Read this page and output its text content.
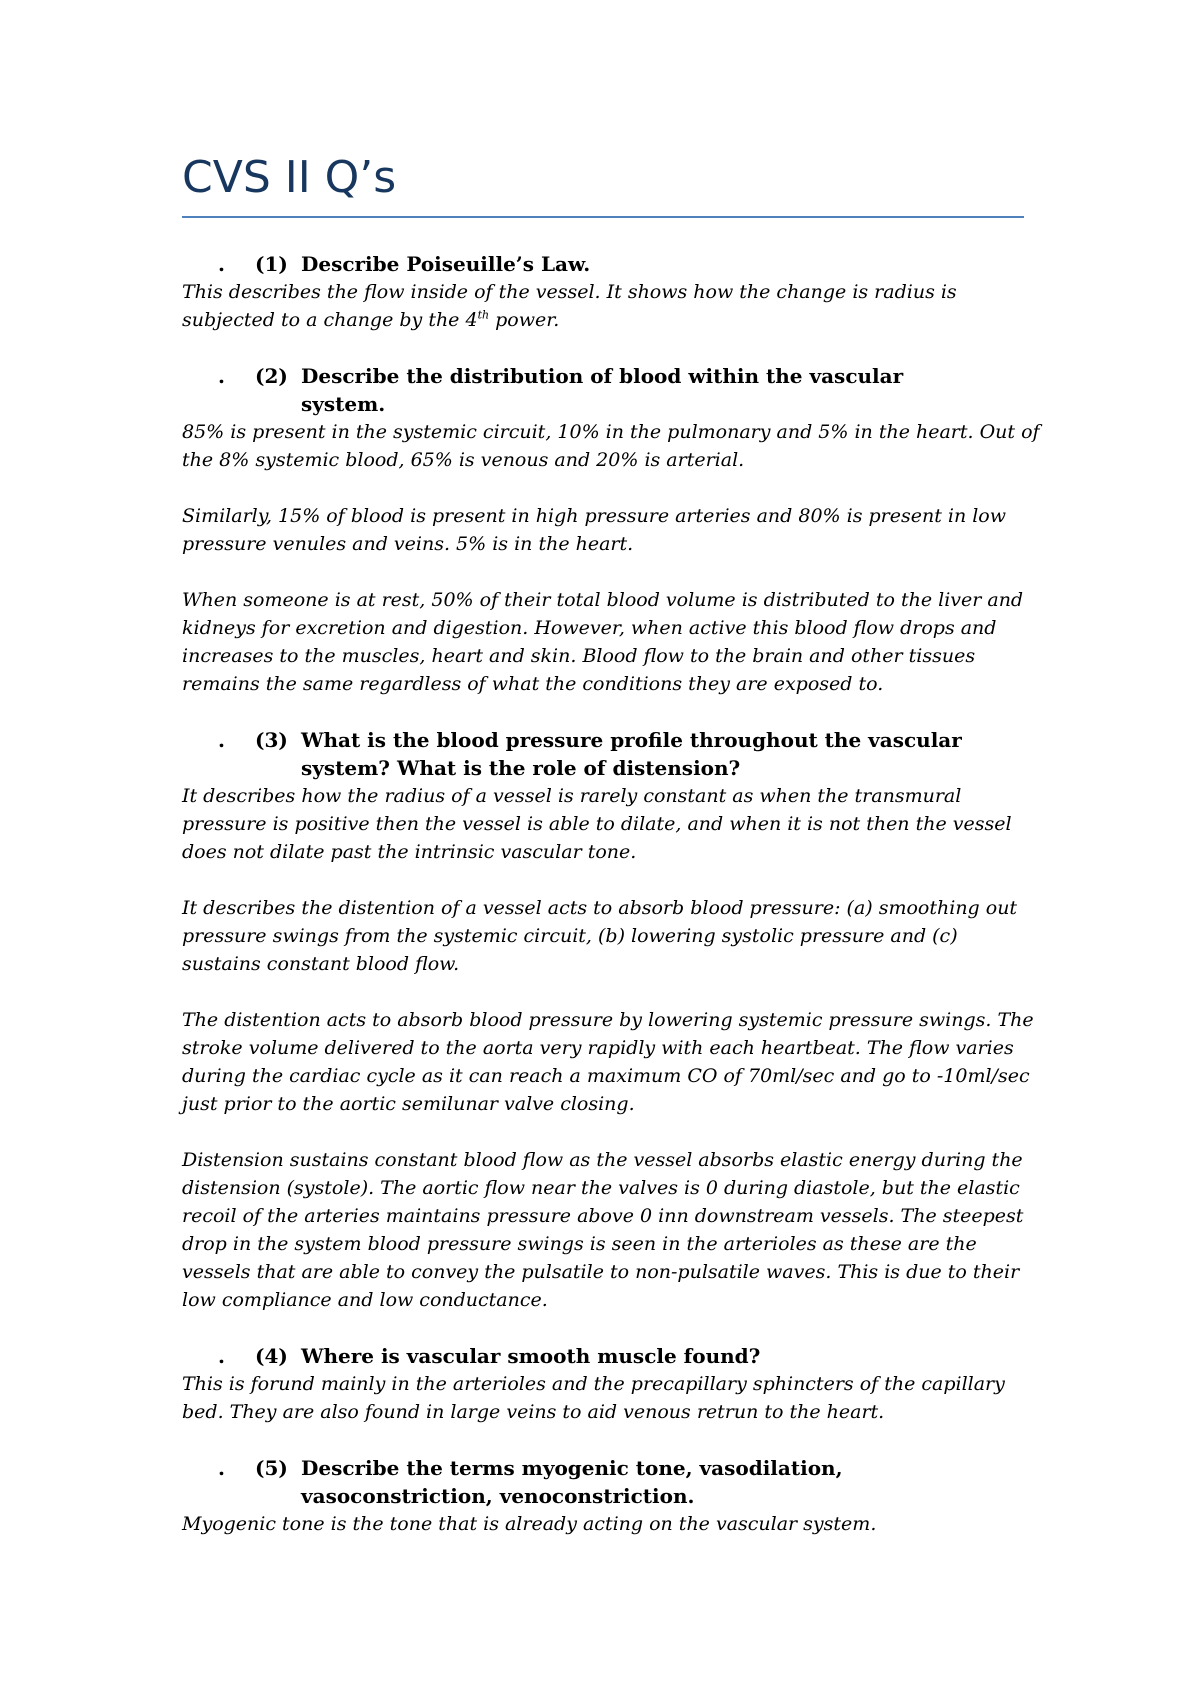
CVS II Q’s
.	(1) Describe Poiseuille’s Law.

This describes the flow inside of the vessel. It shows how the change is radius is subjected to a change by the 4th power.

.	(2) Describe the distribution of blood within the vascular system.

85% is present in the systemic circuit, 10% in the pulmonary and 5% in the heart. Out of the 8% systemic blood, 65% is venous and 20% is arterial.

Similarly, 15% of blood is present in high pressure arteries and 80% is present in low pressure venules and veins. 5% is in the heart.

When someone is at rest, 50% of their total blood volume is distributed to the liver and kidneys for excretion and digestion. However, when active this blood flow drops and increases to the muscles, heart and skin. Blood flow to the brain and other tissues remains the same regardless of what the conditions they are exposed to.

.	(3) What is the blood pressure profile throughout the vascular system? What is the role of distension?

It describes how the radius of a vessel is rarely constant as when the transmural pressure is positive then the vessel is able to dilate, and when it is not then the vessel does not dilate past the intrinsic vascular tone.

It describes the distention of a vessel acts to absorb blood pressure: (a) smoothing out pressure swings from the systemic circuit, (b) lowering systolic pressure and (c) sustains constant blood flow.

The distention acts to absorb blood pressure by lowering systemic pressure swings. The stroke volume delivered to the aorta very rapidly with each heartbeat. The flow varies during the cardiac cycle as it can reach a maximum CO of 70ml/sec and go to -10ml/sec just prior to the aortic semilunar valve closing.

Distension sustains constant blood flow as the vessel absorbs elastic energy during the distension (systole). The aortic flow near the valves is 0 during diastole, but the elastic recoil of the arteries maintains pressure above 0 inn downstream vessels. The steepest drop in the system blood pressure swings is seen in the arterioles as these are the vessels that are able to convey the pulsatile to non-pulsatile waves. This is due to their low compliance and low conductance.

.	(4) Where is vascular smooth muscle found?

This is forund mainly in the arterioles and the precapillary sphincters of the capillary bed. They are also found in large veins to aid venous retrun to the heart.

.	(5) Describe the terms myogenic tone, vasodilation, vasoconstriction, venoconstriction.

Myogenic tone is the tone that is already acting on the vascular system.
